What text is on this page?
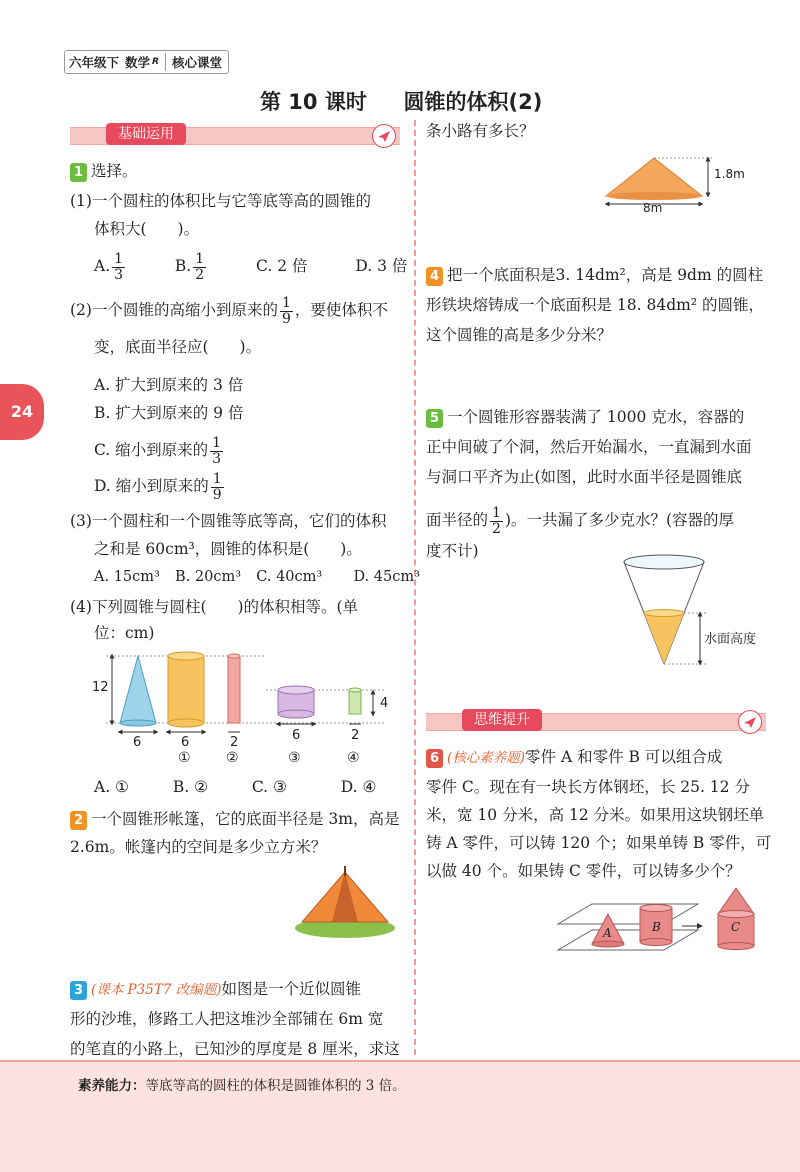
六年级下 数学 R	核心课堂
第 10 课时 圆锥的体积(2)
24
基础运用
1 选择。
(1)一个圆柱的体积比与它等底等高的圆锥的
体积大(　　)。
A. $\frac{1}{3}$	B. $\frac{1}{2}$	C. 2 倍	D. 3 倍
(2)一个圆锥的高缩小到原来的 $\frac{1}{9}$ ，要使体积不
变，底面半径应(　　)。
A. 扩大到原来的 3 倍
B. 扩大到原来的 9 倍
C. 缩小到原来的 $\frac{1}{3}$
D. 缩小到原来的 $\frac{1}{9}$
(3)一个圆柱和一个圆锥等底等高，它们的体积
之和是 60cm³，圆锥的体积是(　　)。
A. 15cm³ B. 20cm³ C. 40cm³ D. 45cm³
(4)下列圆锥与圆柱(　　)的体积相等。(单
位：cm)
12
4
6	6	2	6	2
①	②	③	④
A. ①	B. ②	C. ③	D. ④
2 一个圆锥形帐篷，它的底面半径是 3m，高是
2.6m。帐篷内的空间是多少立方米？
3 (课本 P35T7 改编题)如图是一个近似圆锥
形的沙堆，修路工人把这堆沙全部铺在 6m 宽
的笔直的小路上，已知沙的厚度是 8 厘米，求这
条小路有多长？
1.8m
8m
4 把一个底面积是3. 14dm²，高是 9dm 的圆柱
形铁块熔铸成一个底面积是 18. 84dm² 的圆锥，
这个圆锥的高是多少分米？
5 一个圆锥形容器装满了 1000 克水，容器的
正中间破了个洞，然后开始漏水，一直漏到水面
与洞口平齐为止(如图，此时水面半径是圆锥底
面半径的 $\frac{1}{2}$ )。一共漏了多少克水？(容器的厚
度不计)
水面高度
思维提升
6 (核心素养题)零件 A 和零件 B 可以组合成
零件 C。现在有一块长方体钢坯，长 25. 12 分
米，宽 10 分米，高 12 分米。如果用这块钢坯单
铸 A 零件，可以铸 120 个；如果单铸 B 零件，可
以做 40 个。如果铸 C 零件，可以铸多少个？
A	B	C
素养能力：等底等高的圆柱的体积是圆锥体积的 3 倍。
